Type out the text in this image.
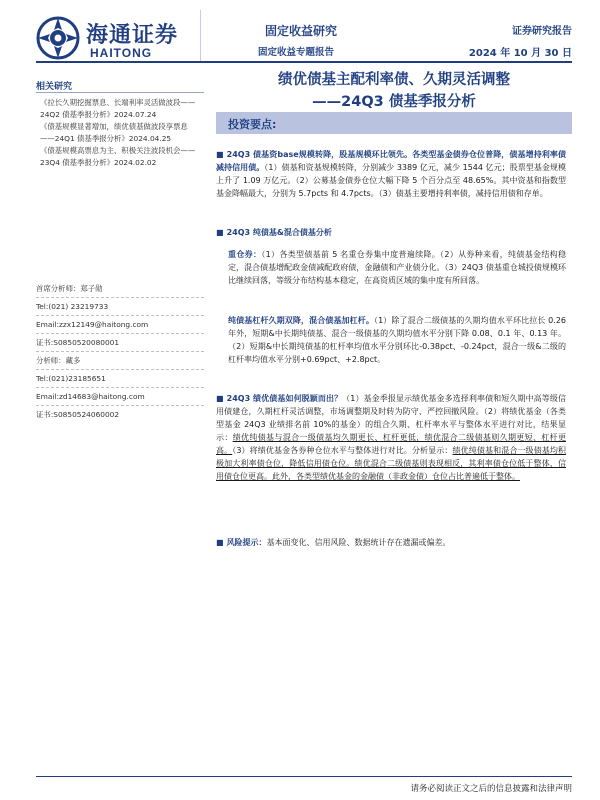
海通证券
HAITONG
固定收益研究
固定收益专题报告
证券研究报告
2024 年 10 月 30 日
相关研究

《拉长久期挖掘票息、长端利率灵活做波段——24Q2 债基季报分析》2024.07.24

《债基规模显著增加，绩优债基做波段享票息——24Q1 债基季报分析》2024.04.25

《债基规模高票息为主、积极关注波段机会——23Q4 债基季报分析》2024.02.02

首席分析师：郑子勋
Tel:(021) 23219733
Email:zzx12149@haitong.com
证书:S0850520080001
分析师：藏多
Tel:(021)23185651
Email:zd14683@haitong.com
证书:S0850524060002
绩优债基主配利率债、久期灵活调整
——24Q3 债基季报分析
投资要点:

■ 24Q3 债基资base规模转降，股基规模环比领先。各类型基金债券仓位普降，债基增持利率债减持信用债。（1）债基和资基规模转降，分别减少 3389 亿元，减少 1544 亿元；股票型基金规模上升了 1.09 万亿元。（2）公募基金债券仓位大幅下降 5 个百分点至 48.65%。其中资基和指数型基金降幅最大，分别为 5.7pcts 和 4.7pcts。（3）债基主要增持利率债，减持信用债和存单。

■ 24Q3 纯债基&混合债基分析

重仓券：（1）各类型债基前 5 名重仓券集中度普遍续降。（2）从券种来看，纯债基金结构稳定，混合债基增配政金债减配政府债，金融债和产业债分化。（3）24Q3 债基重仓城投债规模环比继续回落，等级分布结构基本稳定，在高资质区域的集中度有所回落。

纯债基杠杆久期双降，混合债基加杠杆。（1）除了混合二级债基的久期均值水平环比拉长 0.26 年外，短期&中长期纯债基、混合一级债基的久期均值水平分别下降 0.08、0.1 年、0.13 年。（2）短期&中长期纯债基的杠杆率均值水平分别环比-0.38pct、-0.24pct，混合一级&二级的杠杆率均值水平分别+0.69pct、+2.8pct。

■ 24Q3 绩优债基如何脱颖而出？（1）基金季报显示绩优基金多选择利率债和短久期中高等级信用债建仓，久期杠杆灵活调整，市场调整期及时转为防守、严控回撤风险。（2）将绩优基金（各类型基金 24Q3 业绩排名前 10%的基金）的组合久期、杠杆率水平与整体水平进行对比，结果显示：绩优纯债基与混合一级债基均久期更长、杠杆更低，绩优混合二级债基则久期更短、杠杆更高。（3）将绩优基金各券种仓位水平与整体进行对比。分析显示：绩优纯债基和混合一级债基均积极加大利率债仓位，降低信用债仓位。绩优混合二级债基则表现相反，其利率债仓位低于整体，信用债仓位更高。此外，各类型绩优基金的金融债（非政金债）仓位占比普遍低于整体。

■ 风险提示：基本面变化、信用风险、数据统计存在遗漏或偏差。

请务必阅读正文之后的信息披露和法律声明
